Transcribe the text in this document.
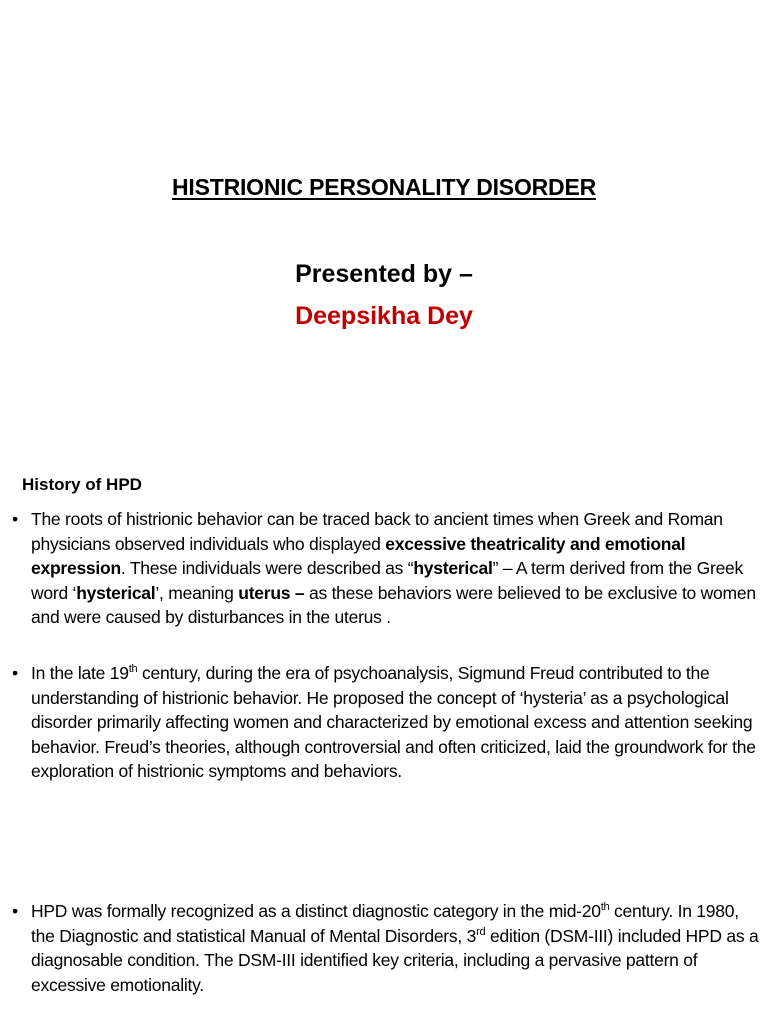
HISTRIONIC PERSONALITY DISORDER
Presented by –
Deepsikha Dey
History of HPD
• The roots of histrionic behavior can be traced back to ancient times when Greek and Roman physicians observed individuals who displayed excessive theatricality and emotional expression. These individuals were described as “hysterical” – A term derived from the Greek word ‘hysterical’, meaning uterus – as these behaviors were believed to be exclusive to women and were caused by disturbances in the uterus .
• In the late 19th century, during the era of psychoanalysis, Sigmund Freud contributed to the understanding of histrionic behavior. He proposed the concept of ‘hysteria’ as a psychological disorder primarily affecting women and characterized by emotional excess and attention seeking behavior. Freud’s theories, although controversial and often criticized, laid the groundwork for the exploration of histrionic symptoms and behaviors.
• HPD was formally recognized as a distinct diagnostic category in the mid-20th century. In 1980, the Diagnostic and statistical Manual of Mental Disorders, 3rd edition (DSM-III) included HPD as a diagnosable condition. The DSM-III identified key criteria, including a pervasive pattern of excessive emotionality.
